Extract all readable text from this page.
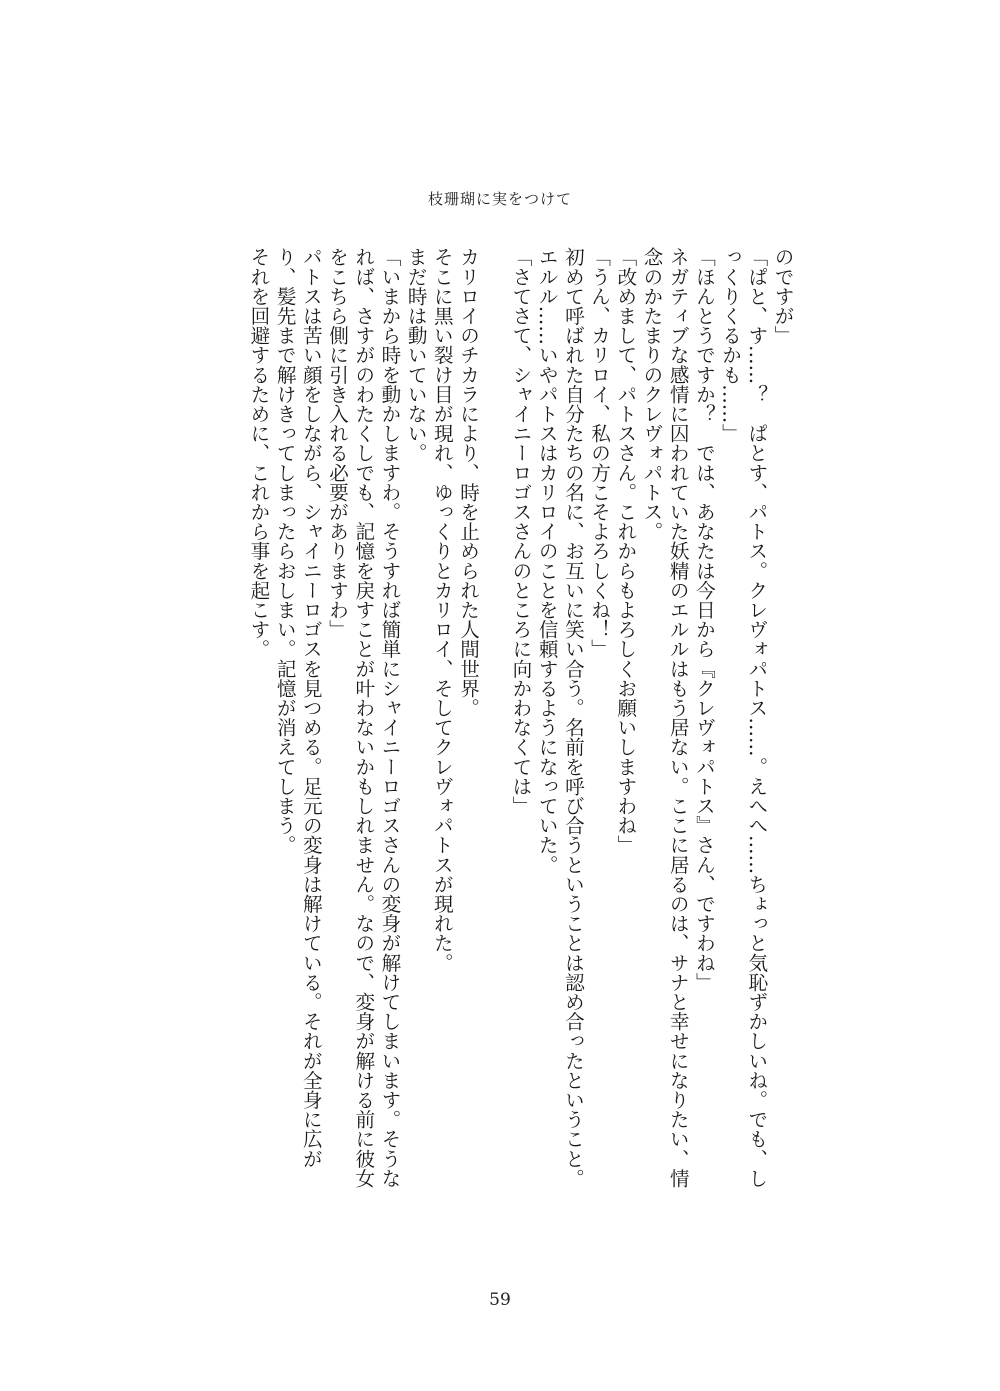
枝珊瑚に実をつけて
のですが」
「ぱと、す……？　ぱとす、パトス。クレヴォパトス……。えへへ……ちょっと気恥ずかしいね。でも、しっくりくるかも……」
「ほんとうですか？　では、あなたは今日から『クレヴォパトス』さん、ですわね」
ネガティブな感情に囚われていた妖精のエルルはもう居ない。ここに居るのは、サナと幸せになりたい、情念のかたまりのクレヴォパトス。
「改めまして、パトスさん。これからもよろしくお願いしますわね」
「うん、カリロイ、私の方こそよろしくね！」
初めて呼ばれた自分たちの名に、お互いに笑い合う。名前を呼び合うということは認め合ったということ。エルル……いやパトスはカリロイのことを信頼するようになっていた。
「さてさて、シャイニーロゴスさんのところに向かわなくては」

カリロイのチカラにより、時を止められた人間世界。
そこに黒い裂け目が現れ、ゆっくりとカリロイ、そしてクレヴォパトスが現れた。
まだ時は動いていない。
「いまから時を動かしますわ。そうすれば簡単にシャイニーロゴスさんの変身が解けてしまいます。そうなれば、さすがのわたくしでも、記憶を戻すことが叶わないかもしれません。なので、変身が解ける前に彼女をこちら側に引き入れる必要がありますわ」
パトスは苦い顔をしながら、シャイニーロゴスを見つめる。足元の変身は解けている。それが全身に広がり、髪先まで解けきってしまったらおしまい。記憶が消えてしまう。
それを回避するために、これから事を起こす。
59
